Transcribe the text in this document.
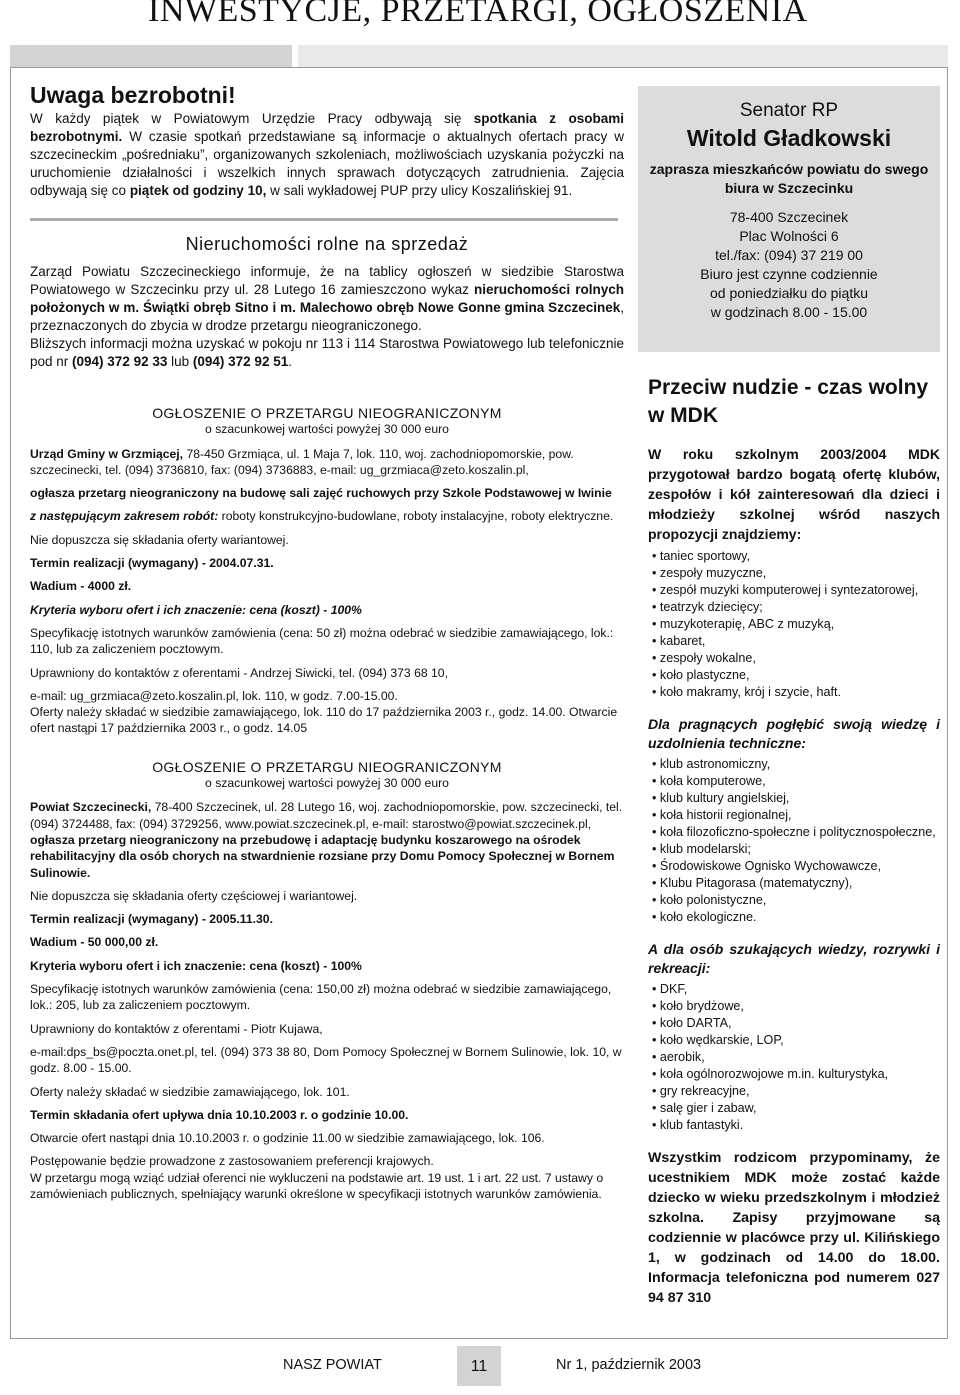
INWESTYCJE, PRZETARGI, OGŁOSZENIA
Uwaga bezrobotni!

W każdy piątek w Powiatowym Urzędzie Pracy odbywają się spotkania z osobami bezrobotnymi. W czasie spotkań przedstawiane są informacje o aktualnych ofertach pracy w szczecineckim „pośredniaku”, organizowanych szkoleniach, możliwościach uzyskania pożyczki na uruchomienie działalności i wszelkich innych sprawach dotyczących zatrudnienia. Zajęcia odbywają się co piątek od godziny 10, w sali wykładowej PUP przy ulicy Koszalińskiej 91.

Nieruchomości rolne na sprzedaż

Zarząd Powiatu Szczecineckiego informuje, że na tablicy ogłoszeń w siedzibie Starostwa Powiatowego w Szczecinku przy ul. 28 Lutego 16 zamieszczono wykaz nieruchomości rolnych położonych w m. Świątki obręb Sitno i m. Malechowo obręb Nowe Gonne gmina Szczecinek, przeznaczonych do zbycia w drodze przetargu nieograniczonego.

Bliższych informacji można uzyskać w pokoju nr 113 i 114 Starostwa Powiatowego lub telefonicznie pod nr (094) 372 92 33 lub (094) 372 92 51.

OGŁOSZENIE O PRZETARGU NIEOGRANICZONYM

o szacunkowej wartości powyżej 30 000 euro

Urząd Gminy w Grzmiącej, 78-450 Grzmiąca, ul. 1 Maja 7, lok. 110, woj. zachodniopomorskie, pow. szczecinecki, tel. (094) 3736810, fax: (094) 3736883, e-mail: ug_grzmiaca@zeto.koszalin.pl,

ogłasza przetarg nieograniczony na budowę sali zajęć ruchowych przy Szkole Podstawowej w Iwinie

z następującym zakresem robót: roboty konstrukcyjno-budowlane, roboty instalacyjne, roboty elektryczne.

Nie dopuszcza się składania oferty wariantowej.

Termin realizacji (wymagany) - 2004.07.31.

Wadium - 4000 zł.

Kryteria wyboru ofert i ich znaczenie: cena (koszt) - 100%

Specyfikację istotnych warunków zamówienia (cena: 50 zł) można odebrać w siedzibie zamawiającego, lok.: 110, lub za zaliczeniem pocztowym.

Uprawniony do kontaktów z oferentami - Andrzej Siwicki, tel. (094) 373 68 10,

e-mail: ug_grzmiaca@zeto.koszalin.pl, lok. 110, w godz. 7.00-15.00.

Oferty należy składać w siedzibie zamawiającego, lok. 110 do 17 października 2003 r., godz. 14.00. Otwarcie ofert nastąpi 17 października 2003 r., o godz. 14.05

OGŁOSZENIE O PRZETARGU NIEOGRANICZONYM

o szacunkowej wartości powyżej 30 000 euro

Powiat Szczecinecki, 78-400 Szczecinek, ul. 28 Lutego 16, woj. zachodniopomorskie, pow. szczecinecki, tel. (094) 3724488, fax: (094) 3729256, www.powiat.szczecinek.pl, e-mail: starostwo@powiat.szczecinek.pl, ogłasza przetarg nieograniczony na przebudowę i adaptację budynku koszarowego na ośrodek rehabilitacyjny dla osób chorych na stwardnienie rozsiane przy Domu Pomocy Społecznej w Bornem Sulinowie.

Nie dopuszcza się składania oferty częściowej i wariantowej.

Termin realizacji (wymagany) - 2005.11.30.

Wadium - 50 000,00 zł.

Kryteria wyboru ofert i ich znaczenie: cena (koszt) - 100%

Specyfikację istotnych warunków zamówienia (cena: 150,00 zł) można odebrać w siedzibie zamawiającego, lok.: 205, lub za zaliczeniem pocztowym.

Uprawniony do kontaktów z oferentami - Piotr Kujawa,

e-mail:dps_bs@poczta.onet.pl, tel. (094) 373 38 80, Dom Pomocy Społecznej w Bornem Sulinowie, lok. 10, w godz. 8.00 - 15.00.

Oferty należy składać w siedzibie zamawiającego, lok. 101.

Termin składania ofert upływa dnia 10.10.2003 r. o godzinie 10.00.

Otwarcie ofert nastąpi dnia 10.10.2003 r. o godzinie 11.00 w siedzibie zamawiającego, lok. 106.

Postępowanie będzie prowadzone z zastosowaniem preferencji krajowych.

W przetargu mogą wziąć udział oferenci nie wykluczeni na podstawie art. 19 ust. 1 i art. 22 ust. 7 ustawy o zamówieniach publicznych, spełniający warunki określone w specyfikacji istotnych warunków zamówienia.

Senator RP
Witold Gładkowski
zaprasza mieszkańców powiatu do swego biura w Szczecinku
78-400 Szczecinek
Plac Wolności 6
tel./fax: (094) 37 219 00
Biuro jest czynne codziennie
od poniedziałku do piątku
w godzinach 8.00 - 15.00
Przeciw nudzie - czas wolny w MDK

W roku szkolnym 2003/2004 MDK przygotował bardzo bogatą ofertę klubów, zespołów i kół zainteresowań dla dzieci i młodzieży szkolnej wśród naszych propozycji znajdziemy:

• taniec sportowy,
• zespoły muzyczne,
• zespół muzyki komputerowej i syntezatorowej,
• teatrzyk dziecięcy;
• muzykoterapię, ABC z muzyką,
• kabaret,
• zespoły wokalne,
• koło plastyczne,
• koło makramy, krój i szycie, haft.

Dla pragnących pogłębić swoją wiedzę i uzdolnienia techniczne:

• klub astronomiczny,
• koła komputerowe,
• klub kultury angielskiej,
• koła historii regionalnej,
• koła filozoficzno-społeczne i politycznospołeczne,
• klub modelarski;
• Środowiskowe Ognisko Wychowawcze,
• Klubu Pitagorasa (matematyczny),
• koło polonistyczne,
• koło ekologiczne.

A dla osób szukających wiedzy, rozrywki i rekreacji:

• DKF,
• koło brydżowe,
• koło DARTA,
• koło wędkarskie, LOP,
• aerobik,
• koła ogólnorozwojowe m.in. kulturystyka,
• gry rekreacyjne,
• salę gier i zabaw,
• klub fantastyki.

Wszystkim rodzicom przypominamy, że ucestnikiem MDK może zostać każde dziecko w wieku przedszkolnym i młodzież szkolna. Zapisy przyjmowane są codziennie w placówce przy ul. Kilińskiego 1, w godzinach od 14.00 do 18.00. Informacja telefoniczna pod numerem 027 94 87 310

NASZ POWIAT	11	Nr 1, październik 2003
